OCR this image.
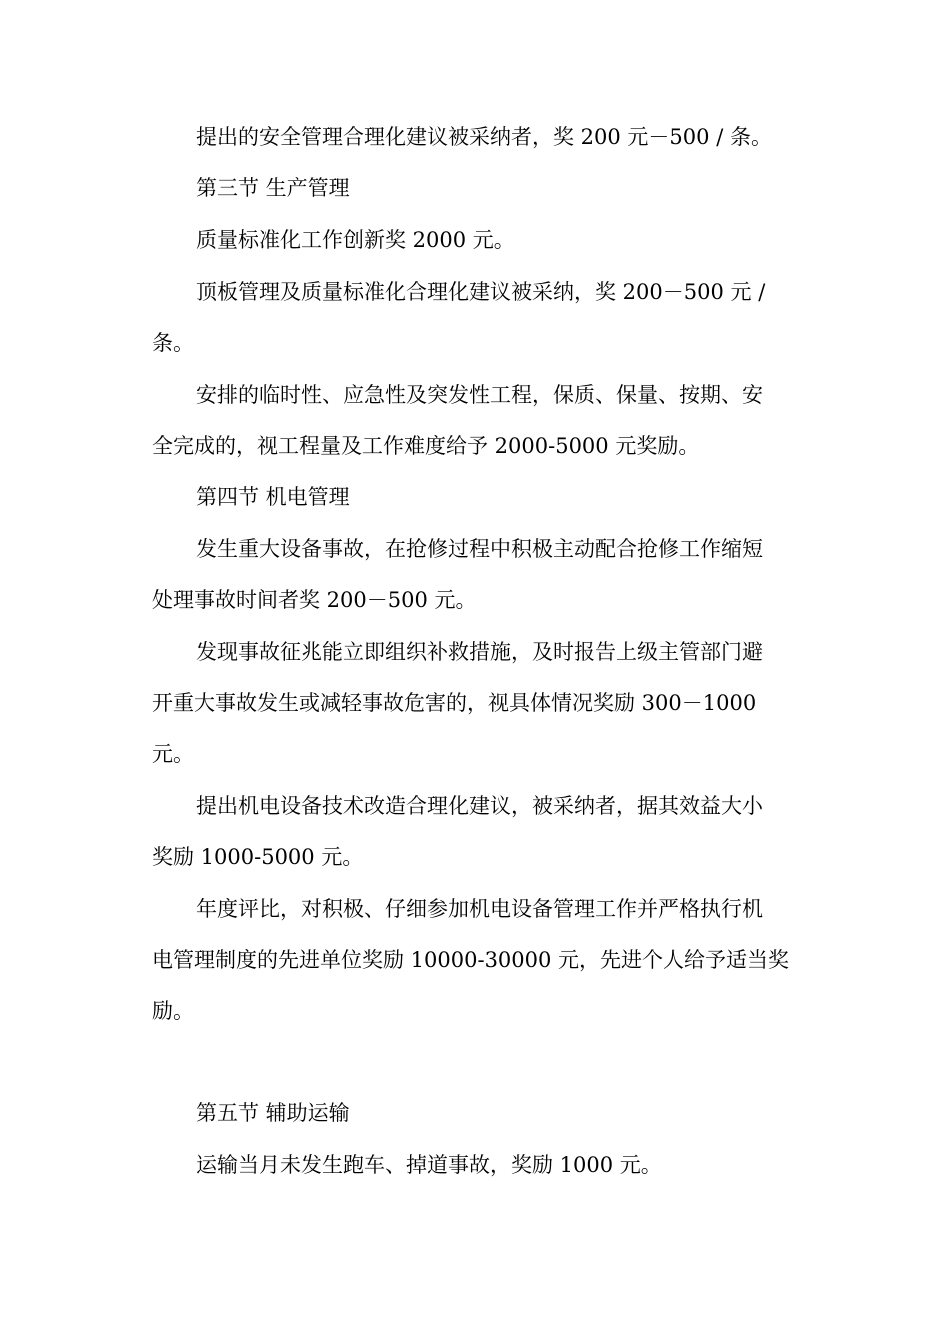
提出的安全管理合理化建议被采纳者，奖 200 元－500 / 条。
第三节 生产管理
质量标准化工作创新奖 2000 元。
顶板管理及质量标准化合理化建议被采纳，奖 200－500 元 /
条。
安排的临时性、应急性及突发性工程，保质、保量、按期、安
全完成的，视工程量及工作难度给予 2000-5000 元奖励。
第四节 机电管理
发生重大设备事故，在抢修过程中积极主动配合抢修工作缩短
处理事故时间者奖 200－500 元。
发现事故征兆能立即组织补救措施，及时报告上级主管部门避
开重大事故发生或减轻事故危害的，视具体情况奖励 300－1000
元。
提出机电设备技术改造合理化建议，被采纳者，据其效益大小
奖励 1000-5000 元。
年度评比，对积极、仔细参加机电设备管理工作并严格执行机
电管理制度的先进单位奖励 10000-30000 元，先进个人给予适当奖
励。
第五节 辅助运输
运输当月未发生跑车、掉道事故，奖励 1000 元。
